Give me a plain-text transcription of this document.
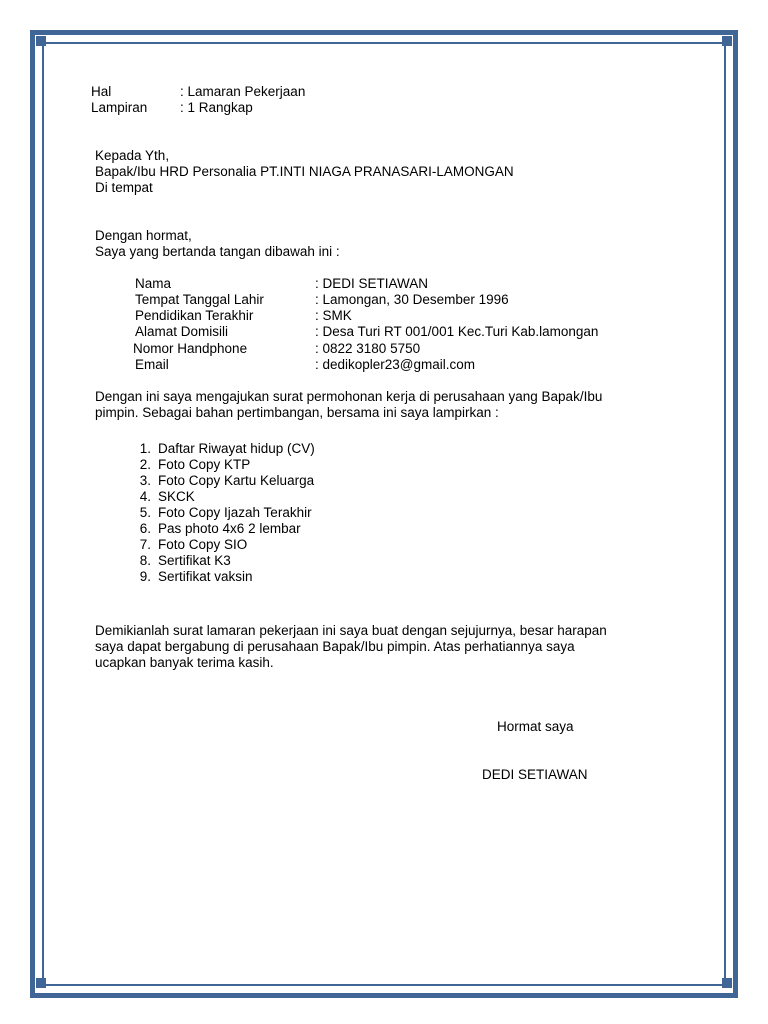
Hal	: Lamaran Pekerjaan
Lampiran : 1 Rangkap
Kepada Yth,
Bapak/Ibu HRD Personalia PT.INTI NIAGA PRANASARI-LAMONGAN
Di tempat
Dengan hormat,
Saya yang bertanda tangan dibawah ini :
Nama	: DEDI SETIAWAN
Tempat Tanggal Lahir	: Lamongan, 30 Desember 1996
Pendidikan Terakhir	: SMK
Alamat Domisili	: Desa Turi RT 001/001 Kec.Turi Kab.lamongan
Nomor Handphone	: 0822 3180 5750
Email	: dedikopler23@gmail.com
Dengan ini saya mengajukan surat permohonan kerja di perusahaan yang Bapak/Ibu
pimpin. Sebagai bahan pertimbangan, bersama ini saya lampirkan :
1. Daftar Riwayat hidup (CV)
2. Foto Copy KTP
3. Foto Copy Kartu Keluarga
4. SKCK
5. Foto Copy Ijazah Terakhir
6. Pas photo 4x6 2 lembar
7. Foto Copy SIO
8. Sertifikat K3
9. Sertifikat vaksin
Demikianlah surat lamaran pekerjaan ini saya buat dengan sejujurnya, besar harapan
saya dapat bergabung di perusahaan Bapak/Ibu pimpin. Atas perhatiannya saya
ucapkan banyak terima kasih.
Hormat saya
DEDI SETIAWAN
